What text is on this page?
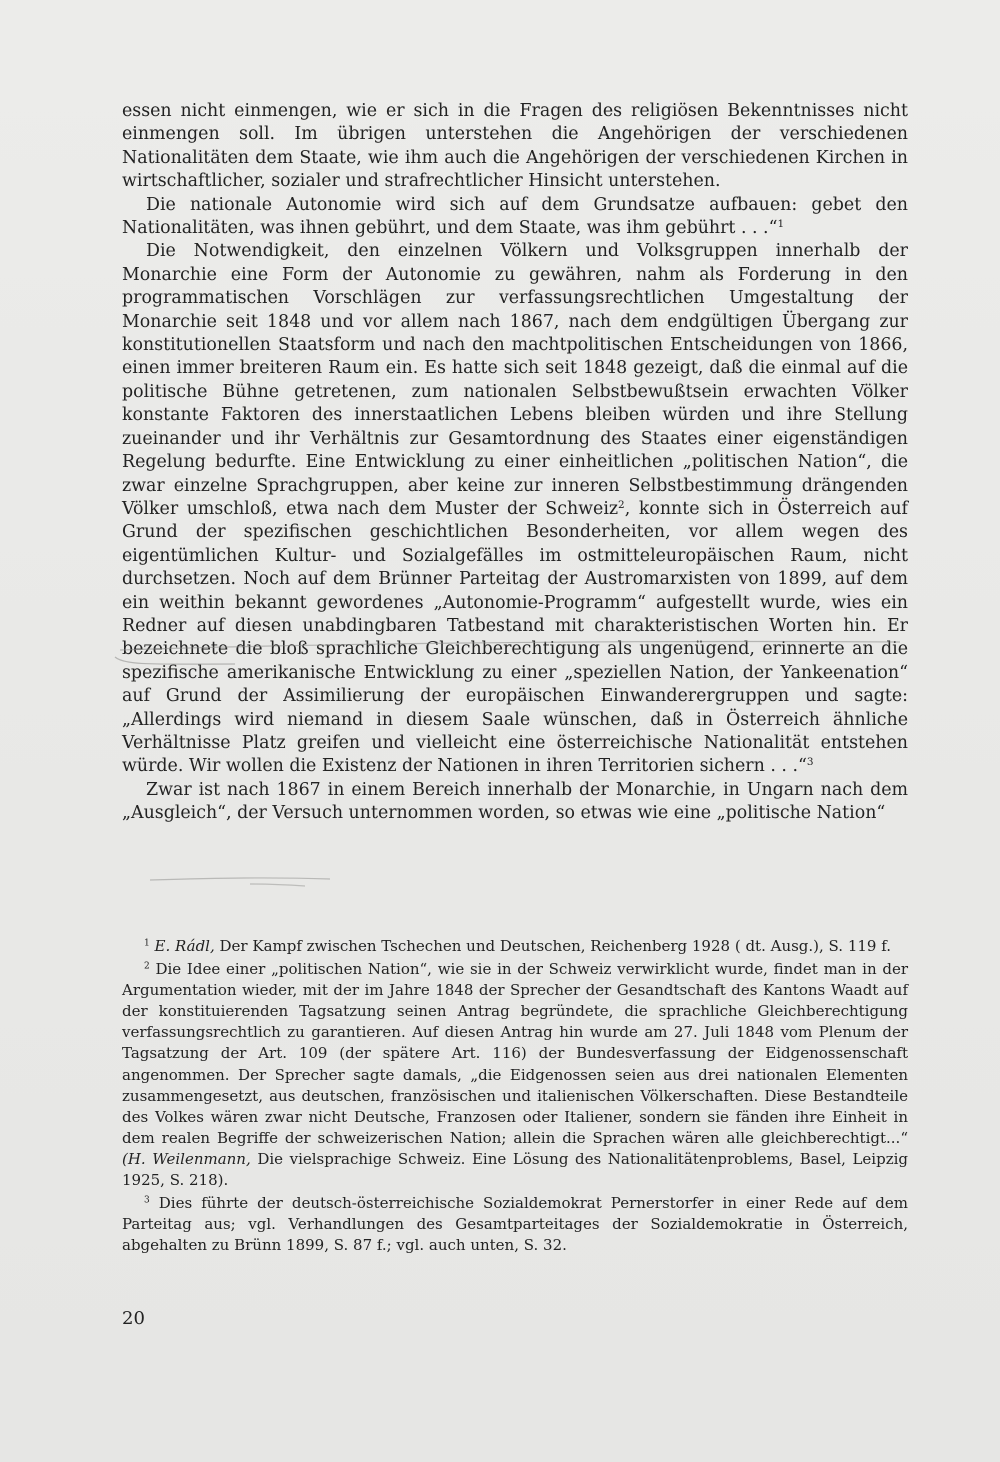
essen nicht einmengen, wie er sich in die Fragen des religiösen Bekenntnisses nicht einmengen soll. Im übrigen unterstehen die Angehörigen der verschiedenen Nationalitäten dem Staate, wie ihm auch die Angehörigen der verschiedenen Kirchen in wirtschaftlicher, sozialer und strafrechtlicher Hinsicht unterstehen.

Die nationale Autonomie wird sich auf dem Grundsatze aufbauen: gebet den Nationalitäten, was ihnen gebührt, und dem Staate, was ihm gebührt . . .“$^1$

Die Notwendigkeit, den einzelnen Völkern und Volksgruppen innerhalb der Monarchie eine Form der Autonomie zu gewähren, nahm als Forderung in den programmatischen Vorschlägen zur verfassungsrechtlichen Umgestaltung der Monarchie seit 1848 und vor allem nach 1867, nach dem endgültigen Übergang zur konstitutionellen Staatsform und nach den machtpolitischen Entscheidungen von 1866, einen immer breiteren Raum ein. Es hatte sich seit 1848 gezeigt, daß die einmal auf die politische Bühne getretenen, zum nationalen Selbstbewußtsein erwachten Völker konstante Faktoren des innerstaatlichen Lebens bleiben würden und ihre Stellung zueinander und ihr Verhältnis zur Gesamtordnung des Staates einer eigenständigen Regelung bedurfte. Eine Entwicklung zu einer einheitlichen „politischen Nation“, die zwar einzelne Sprachgruppen, aber keine zur inneren Selbstbestimmung drängenden Völker umschloß, etwa nach dem Muster der Schweiz$^2$, konnte sich in Österreich auf Grund der spezifischen geschichtlichen Besonderheiten, vor allem wegen des eigentümlichen Kultur- und Sozialgefälles im ostmitteleuropäischen Raum, nicht durchsetzen. Noch auf dem Brünner Parteitag der Austromarxisten von 1899, auf dem ein weithin bekannt gewordenes „Autonomie-Programm“ aufgestellt wurde, wies ein Redner auf diesen unabdingbaren Tatbestand mit charakteristischen Worten hin. Er bezeichnete die bloß sprachliche Gleichberechtigung als ungenügend, erinnerte an die spezifische amerikanische Entwicklung zu einer „speziellen Nation, der Yankeenation“ auf Grund der Assimilierung der europäischen Einwanderergruppen und sagte: „Allerdings wird niemand in diesem Saale wünschen, daß in Österreich ähnliche Verhältnisse Platz greifen und vielleicht eine österreichische Nationalität entstehen würde. Wir wollen die Existenz der Nationen in ihren Territorien sichern . . .“$^3$

Zwar ist nach 1867 in einem Bereich innerhalb der Monarchie, in Ungarn nach dem „Ausgleich“, der Versuch unternommen worden, so etwas wie eine „politische Nation“

$^1$ E. Rádl, Der Kampf zwischen Tschechen und Deutschen, Reichenberg 1928 ( dt. Ausg.), S. 119 f.

$^2$ Die Idee einer „politischen Nation“, wie sie in der Schweiz verwirklicht wurde, findet man in der Argumentation wieder, mit der im Jahre 1848 der Sprecher der Gesandtschaft des Kantons Waadt auf der konstituierenden Tagsatzung seinen Antrag begründete, die sprachliche Gleichberechtigung verfassungsrechtlich zu garantieren. Auf diesen Antrag hin wurde am 27. Juli 1848 vom Plenum der Tagsatzung der Art. 109 (der spätere Art. 116) der Bundesverfassung der Eidgenossenschaft angenommen. Der Sprecher sagte damals, „die Eidgenossen seien aus drei nationalen Elementen zusammengesetzt, aus deutschen, französischen und italienischen Völkerschaften. Diese Bestandteile des Volkes wären zwar nicht Deutsche, Franzosen oder Italiener, sondern sie fänden ihre Einheit in dem realen Begriffe der schweizerischen Nation; allein die Sprachen wären alle gleichberechtigt...“ (H. Weilenmann, Die vielsprachige Schweiz. Eine Lösung des Nationalitätenproblems, Basel, Leipzig 1925, S. 218).

$^3$ Dies führte der deutsch-österreichische Sozialdemokrat Pernerstorfer in einer Rede auf dem Parteitag aus; vgl. Verhandlungen des Gesamtparteitages der Sozialdemokratie in Österreich, abgehalten zu Brünn 1899, S. 87 f.; vgl. auch unten, S. 32.

20
